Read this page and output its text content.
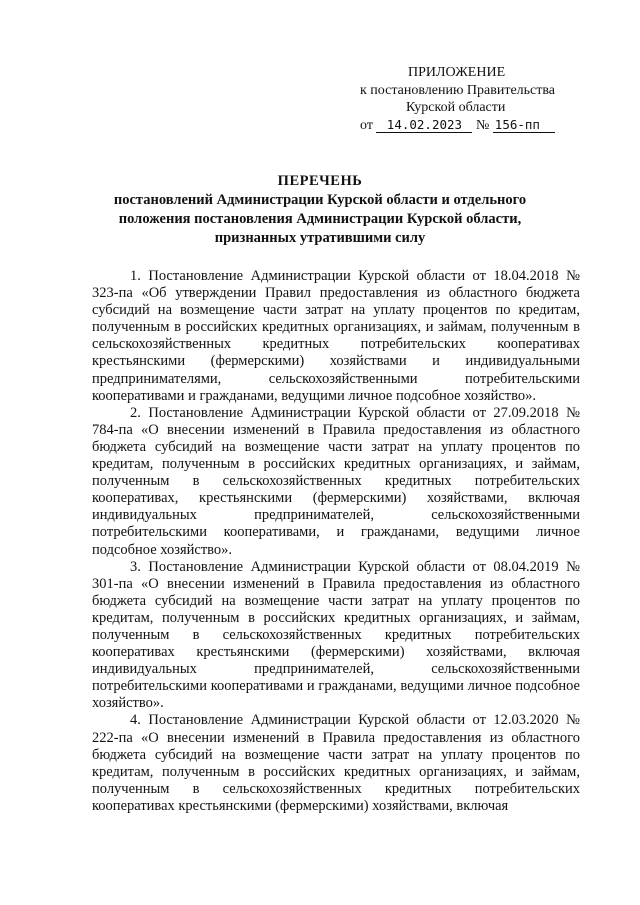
ПРИЛОЖЕНИЕ
к постановлению Правительства
Курской области
от 14.02.2023 № 156-пп
ПЕРЕЧЕНЬ
постановлений Администрации Курской области и отдельного
положения постановления Администрации Курской области,
признанных утратившими силу

1. Постановление Администрации Курской области от 18.04.2018 № 323-па «Об утверждении Правил предоставления из областного бюджета субсидий на возмещение части затрат на уплату процентов по кредитам, полученным в российских кредитных организациях, и займам, полученным в сельскохозяйственных кредитных потребительских кооперативах крестьянскими (фермерскими) хозяйствами и индивидуальными предпринимателями, сельскохозяйственными потребительскими кооперативами и гражданами, ведущими личное подсобное хозяйство».

2. Постановление Администрации Курской области от 27.09.2018 № 784-па «О внесении изменений в Правила предоставления из областного бюджета субсидий на возмещение части затрат на уплату процентов по кредитам, полученным в российских кредитных организациях, и займам, полученным в сельскохозяйственных кредитных потребительских кооперативах, крестьянскими (фермерскими) хозяйствами, включая индивидуальных предпринимателей, сельскохозяйственными потребительскими кооперативами, и гражданами, ведущими личное подсобное хозяйство».

3. Постановление Администрации Курской области от 08.04.2019 № 301-па «О внесении изменений в Правила предоставления из областного бюджета субсидий на возмещение части затрат на уплату процентов по кредитам, полученным в российских кредитных организациях, и займам, полученным в сельскохозяйственных кредитных потребительских кооперативах крестьянскими (фермерскими) хозяйствами, включая индивидуальных предпринимателей, сельскохозяйственными потребительскими кооперативами и гражданами, ведущими личное подсобное хозяйство».

4. Постановление Администрации Курской области от 12.03.2020 № 222-па «О внесении изменений в Правила предоставления из областного бюджета субсидий на возмещение части затрат на уплату процентов по кредитам, полученным в российских кредитных организациях, и займам, полученным в сельскохозяйственных кредитных потребительских кооперативах крестьянскими (фермерскими) хозяйствами, включая
